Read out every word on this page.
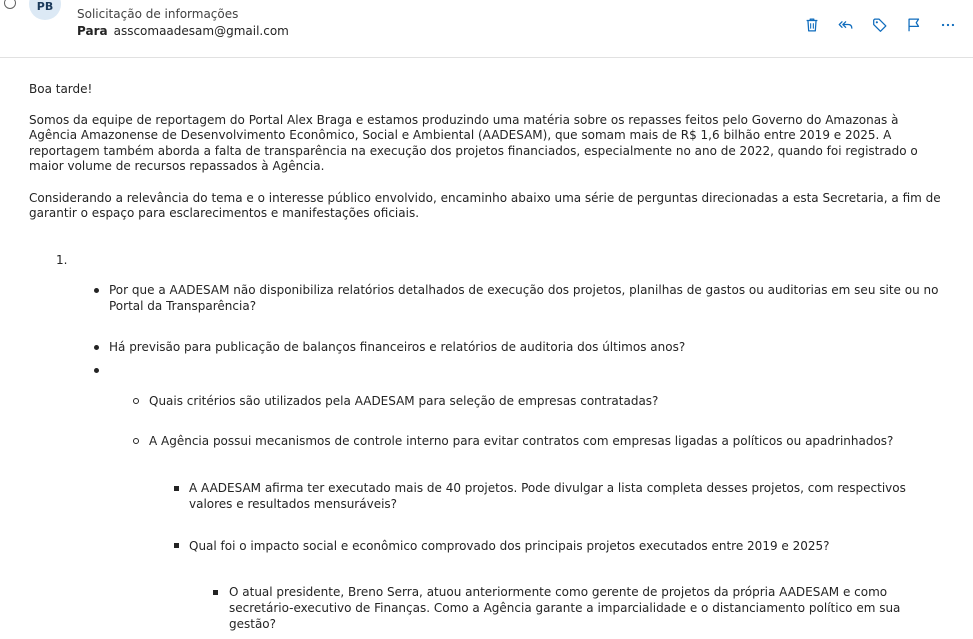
PB
Solicitação de informações
Para asscomaadesam@gmail.com

Boa tarde!

Somos da equipe de reportagem do Portal Alex Braga e estamos produzindo uma matéria sobre os repasses feitos pelo Governo do Amazonas à Agência Amazonense de Desenvolvimento Econômico, Social e Ambiental (AADESAM), que somam mais de R$ 1,6 bilhão entre 2019 e 2025. A reportagem também aborda a falta de transparência na execução dos projetos financiados, especialmente no ano de 2022, quando foi registrado o maior volume de recursos repassados à Agência.

Considerando a relevância do tema e o interesse público envolvido, encaminho abaixo uma série de perguntas direcionadas a esta Secretaria, a fim de garantir o espaço para esclarecimentos e manifestações oficiais.

1.
Por que a AADESAM não disponibiliza relatórios detalhados de execução dos projetos, planilhas de gastos ou auditorias em seu site ou no Portal da Transparência?
Há previsão para publicação de balanços financeiros e relatórios de auditoria dos últimos anos?
Quais critérios são utilizados pela AADESAM para seleção de empresas contratadas?
A Agência possui mecanismos de controle interno para evitar contratos com empresas ligadas a políticos ou apadrinhados?
A AADESAM afirma ter executado mais de 40 projetos. Pode divulgar a lista completa desses projetos, com respectivos valores e resultados mensuráveis?
Qual foi o impacto social e econômico comprovado dos principais projetos executados entre 2019 e 2025?
O atual presidente, Breno Serra, atuou anteriormente como gerente de projetos da própria AADESAM e como secretário-executivo de Finanças. Como a Agência garante a imparcialidade e o distanciamento político em sua gestão?
